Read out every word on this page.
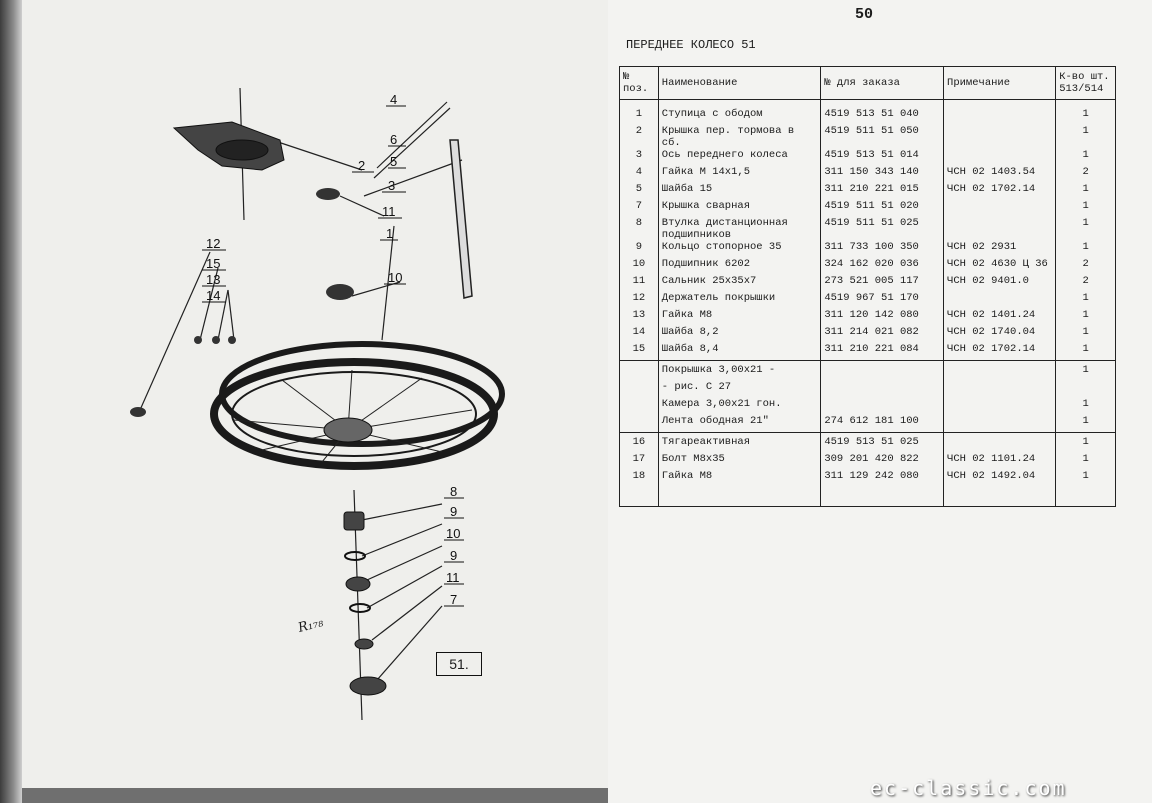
4
6
5
2
3
11
1
10
12
15
13
14
8
9
10
9
11
7
51.
R₁₇₈
50
ПЕРЕДНЕЕ КОЛЕСО 51
№ поз.	Наименование	№ для заказа	Примечание	К-во шт. 513/514
1	Ступица с ободом	4519 513 51 040		1
2	Крышка пер. тормова в сб.	4519 511 51 050		1
3	Ось переднего колеса	4519 513 51 014		1
4	Гайка М 14х1,5	311 150 343 140	ЧСН 02 1403.54	2
5	Шайба 15	311 210 221 015	ЧСН 02 1702.14	1
7	Крышка сварная	4519 511 51 020		1
8	Втулка дистанционная подшипников	4519 511 51 025		1
9	Кольцо стопорное 35	311 733 100 350	ЧСН 02 2931	1
10	Подшипник 6202	324 162 020 036	ЧСН 02 4630 Ц 36	2
11	Сальник 25х35х7	273 521 005 117	ЧСН 02 9401.0	2
12	Держатель покрышки	4519 967 51 170		1
13	Гайка М8	311 120 142 080	ЧСН 02 1401.24	1
14	Шайба 8,2	311 214 021 082	ЧСН 02 1740.04	1
15	Шайба 8,4	311 210 221 084	ЧСН 02 1702.14	1
	Покрышка 3,00х21 -			1
	- рис. С 27			
	Камера 3,00х21 гон.			1
	Лента ободная 21"	274 612 181 100		1
16	Тягареактивная	4519 513 51 025		1
17	Болт М8х35	309 201 420 822	ЧСН 02 1101.24	1
18	Гайка М8	311 129 242 080	ЧСН 02 1492.04	1
ec-classic.com
